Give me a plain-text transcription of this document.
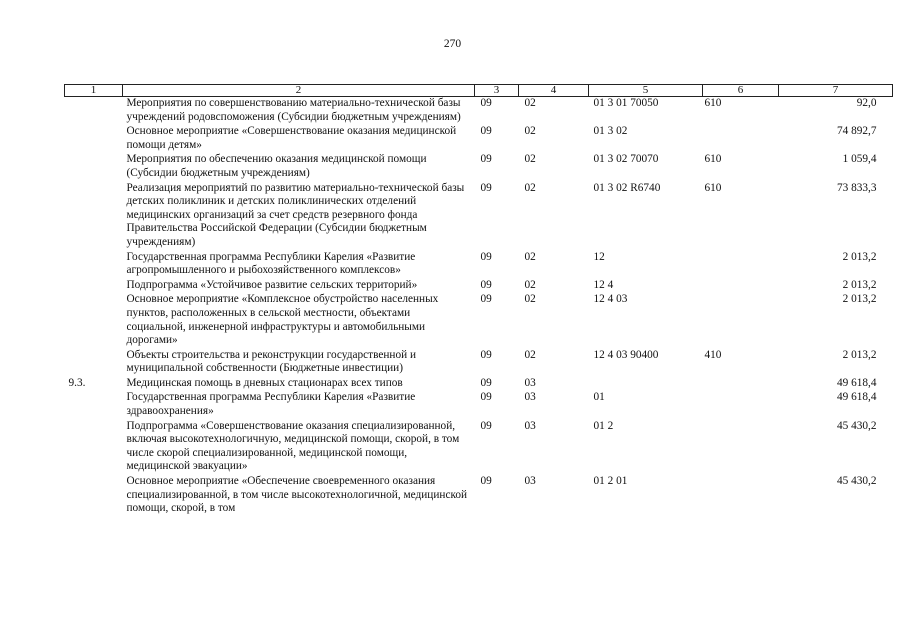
270
1	2	3	4	5	6	7
	Мероприятия по совершенствованию материально-технической базы учреждений родовспоможения (Субсидии бюджетным учреждениям)	09	02	01 3 01 70050	610	92,0
	Основное мероприятие «Совершенствование оказания медицинской помощи детям»	09	02	01 3 02		74 892,7
	Мероприятия по обеспечению оказания медицинской помощи (Субсидии бюджетным учреждениям)	09	02	01 3 02 70070	610	1 059,4
	Реализация мероприятий по развитию материально-технической базы детских поликлиник и детских поликлинических отделений медицинских организаций за счет средств резервного фонда Правительства Российской Федерации (Субсидии бюджетным учреждениям)	09	02	01 3 02 R6740	610	73 833,3
	Государственная программа Республики Карелия «Развитие агропромышленного и рыбохозяйственного комплексов»	09	02	12		2 013,2
	Подпрограмма «Устойчивое развитие сельских территорий»	09	02	12 4		2 013,2
	Основное мероприятие «Комплексное обустройство населенных пунктов, расположенных в сельской местности, объектами социальной, инженерной инфраструктуры и автомобильными дорогами»	09	02	12 4 03		2 013,2
	Объекты строительства и реконструкции государственной и муниципальной собственности (Бюджетные инвестиции)	09	02	12 4 03 90400	410	2 013,2
9.3.	Медицинская помощь в дневных стационарах всех типов	09	03			49 618,4
	Государственная программа Республики Карелия «Развитие здравоохранения»	09	03	01		49 618,4
	Подпрограмма «Совершенствование оказания специализированной, включая высокотехнологичную, медицинской помощи, скорой, в том числе скорой специализированной, медицинской помощи, медицинской эвакуации»	09	03	01 2		45 430,2
	Основное мероприятие «Обеспечение своевременного оказания специализированной, в том числе высокотехнологичной, медицинской помощи, скорой, в том	09	03	01 2 01		45 430,2
